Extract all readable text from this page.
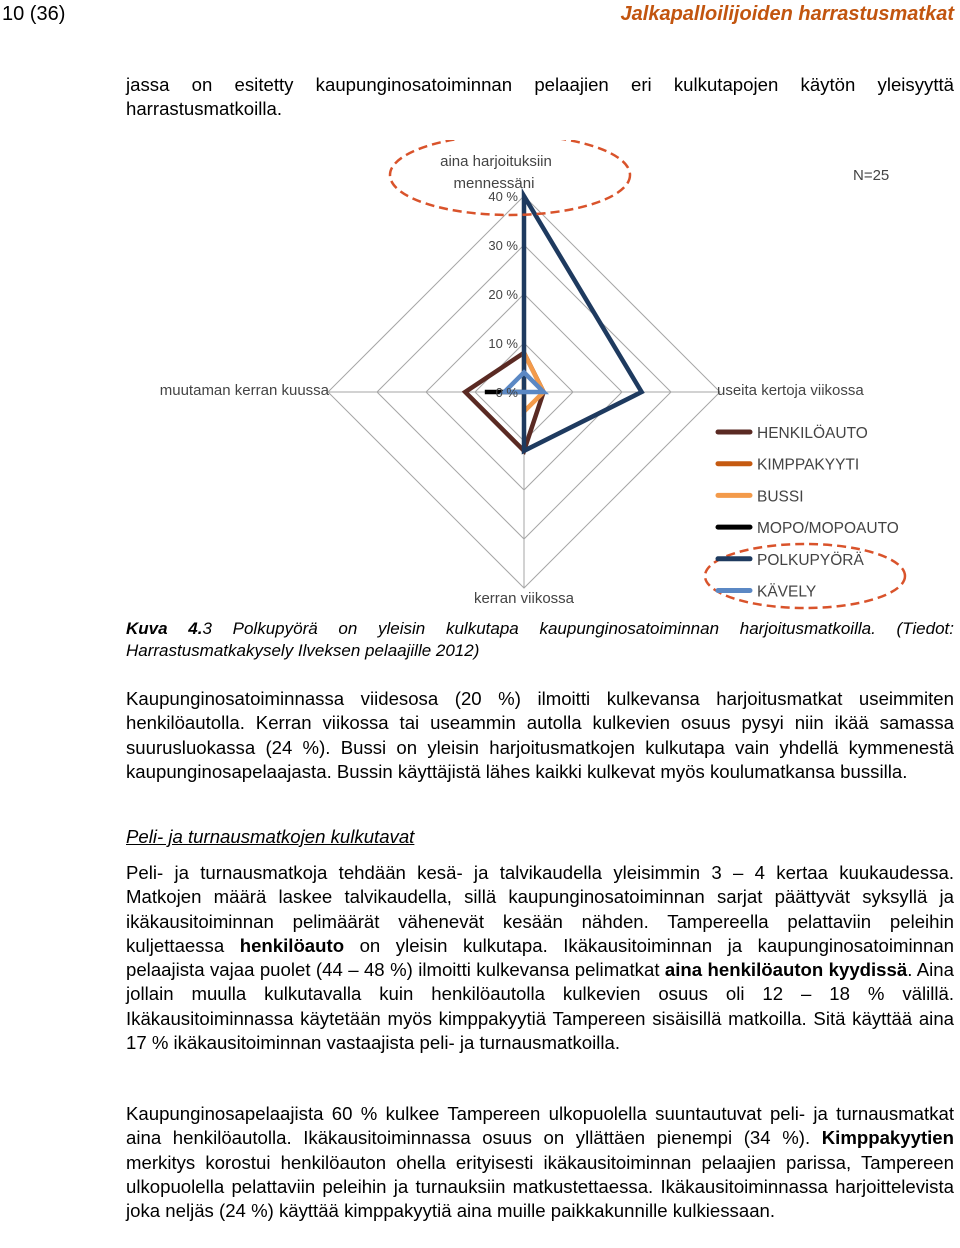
10 (36)	Jalkapalloilijoiden harrastusmatkat

jassa on esitetty kaupunginosatoiminnan pelaajien eri kulkutapojen käytön yleisyyttä harrastusmatkoilla.

aina harjoituksiin
mennessäni
useita kertoja viikossa
kerran viikossa
muutaman kerran kuussa
N=25
0 %
10 %
20 %
30 %
40 %
HENKILÖAUTO
KIMPPAKYYTI
BUSSI
MOPO/MOPOAUTO
POLKUPYÖRÄ
KÄVELY
Kuva 4.3 Polkupyörä on yleisin kulkutapa kaupunginosatoiminnan harjoitusmatkoilla. (Tiedot: Harrastusmatkakysely Ilveksen pelaajille 2012)

Kaupunginosatoiminnassa viidesosa (20 %) ilmoitti kulkevansa harjoitusmatkat useimmiten henkilöautolla. Kerran viikossa tai useammin autolla kulkevien osuus pysyi niin ikää samassa suurusluokassa (24 %). Bussi on yleisin harjoitusmatkojen kulkutapa vain yhdellä kymmenestä kaupunginosapelaajasta. Bussin käyttäjistä lähes kaikki kulkevat myös koulumatkansa bussilla.

Peli- ja turnausmatkojen kulkutavat

Peli- ja turnausmatkoja tehdään kesä- ja talvikaudella yleisimmin 3 – 4 kertaa kuukaudessa. Matkojen määrä laskee talvikaudella, sillä kaupunginosatoiminnan sarjat päättyvät syksyllä ja ikäkausitoiminnan pelimäärät vähenevät kesään nähden. Tampereella pelattaviin peleihin kuljettaessa henkilöauto on yleisin kulkutapa. Ikäkausitoiminnan ja kaupunginosatoiminnan pelaajista vajaa puolet (44 – 48 %) ilmoitti kulkevansa pelimatkat aina henkilöauton kyydissä. Aina jollain muulla kulkutavalla kuin henkilöautolla kulkevien osuus oli 12 – 18 % välillä. Ikäkausitoiminnassa käytetään myös kimppakyytiä Tampereen sisäisillä matkoilla. Sitä käyttää aina 17 % ikäkausitoiminnan vastaajista peli- ja turnausmatkoilla.

Kaupunginosapelaajista 60 % kulkee Tampereen ulkopuolella suuntautuvat peli- ja turnausmatkat aina henkilöautolla. Ikäkausitoiminnassa osuus on yllättäen pienempi (34 %). Kimppakyytien merkitys korostui henkilöauton ohella erityisesti ikäkausitoiminnan pelaajien parissa, Tampereen ulkopuolella pelattaviin peleihin ja turnauksiin matkustettaessa. Ikäkausitoiminnassa harjoittelevista joka neljäs (24 %) käyttää kimppakyytiä aina muille paikkakunnille kulkiessaan.
